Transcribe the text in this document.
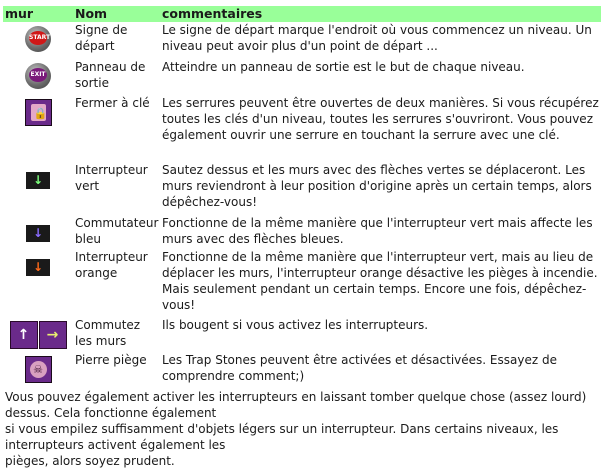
mur	Nom	commentaires

START	Signe de départ	Le signe de départ marque l'endroit où vous commencez un niveau. Un niveau peut avoir plus d'un point de départ ...

EXIT	Panneau de sortie	Atteindre un panneau de sortie est le but de chaque niveau.

🔒	Fermer à clé	Les serrures peuvent être ouvertes de deux manières. Si vous récupérez toutes les clés d'un niveau, toutes les serrures s'ouvriront. Vous pouvez également ouvrir une serrure en touchant la serrure avec une clé.
↓	Interrupteur vert	Sautez dessus et les murs avec des flèches vertes se déplaceront. Les murs reviendront à leur position d'origine après un certain temps, alors dépêchez-vous!
↓	Commutateur bleu	Fonctionne de la même manière que l'interrupteur vert mais affecte les murs avec des flèches bleues.
↓	Interrupteur orange	Fonctionne de la même manière que l'interrupteur vert, mais au lieu de déplacer les murs, l'interrupteur orange désactive les pièges à incendie. Mais seulement pendant un certain temps. Encore une fois, dépêchez-vous!

↑ →	Commutez les murs	Ils bougent si vous activez les interrupteurs.

☠	Pierre piège	Les Trap Stones peuvent être activées et désactivées. Essayez de comprendre comment;)

Vous pouvez également activer les interrupteurs en laissant tomber quelque chose (assez lourd) dessus. Cela fonctionne également

si vous empilez suffisamment d'objets légers sur un interrupteur. Dans certains niveaux, les interrupteurs activent également les

pièges, alors soyez prudent.
